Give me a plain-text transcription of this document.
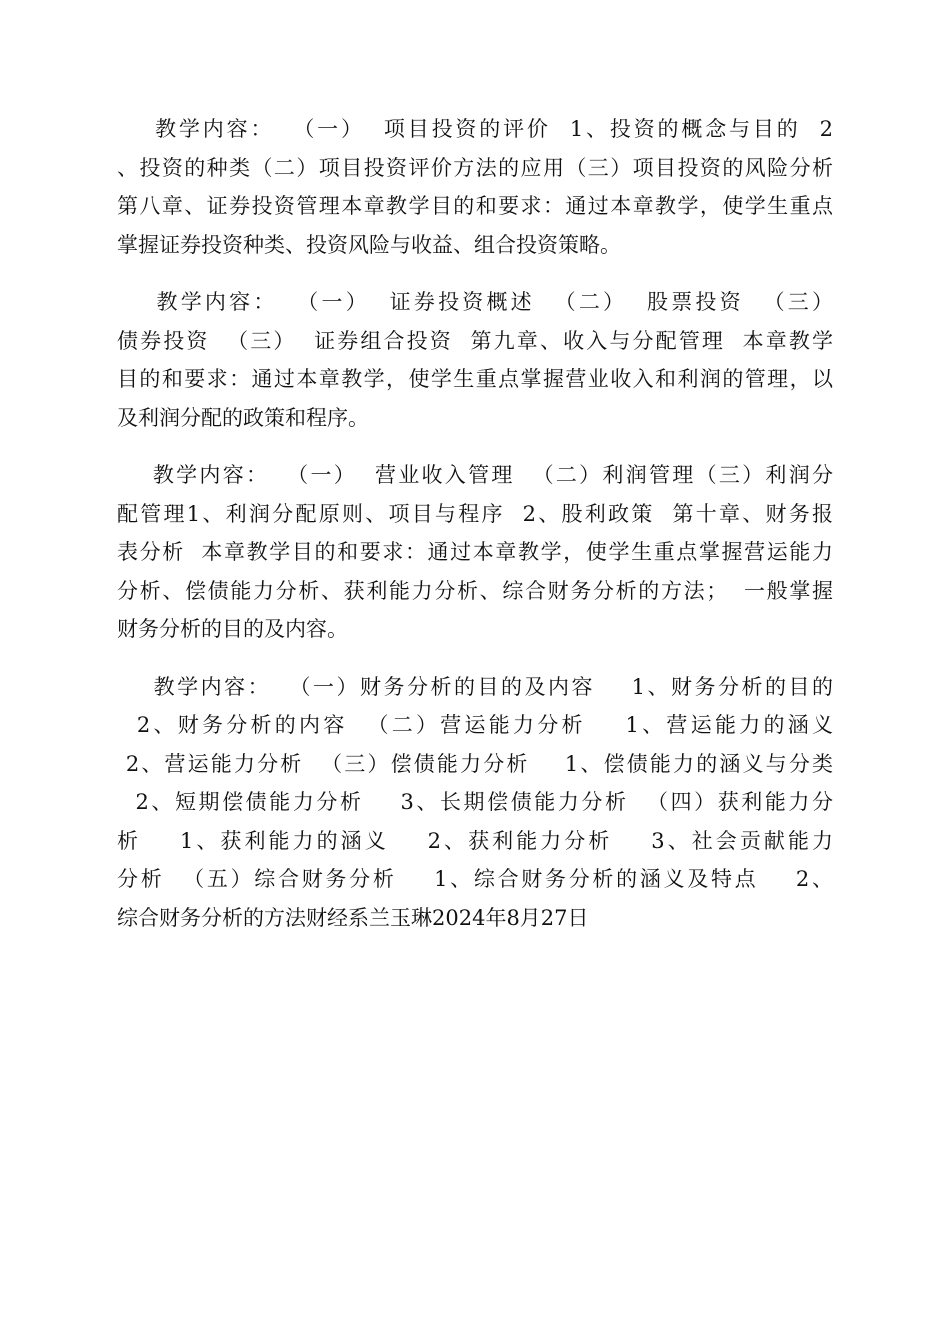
教学内容：  （一）  项目投资的评价  1、投资的概念与目的  2
、投资的种类（二）项目投资评价方法的应用（三）项目投资的风险分析
第八章、证券投资管理本章教学目的和要求：通过本章教学，使学生重点
掌握证券投资种类、投资风险与收益、组合投资策略。
教学内容：  （一）  证券投资概述  （二）  股票投资  （三）
债券投资  （三）  证券组合投资  第九章、收入与分配管理  本章教学
目的和要求：通过本章教学，使学生重点掌握营业收入和利润的管理，以
及利润分配的政策和程序。
教学内容：  （一）  营业收入管理  （二）利润管理（三）利润分
配管理1、利润分配原则、项目与程序  2、股利政策  第十章、财务报
表分析  本章教学目的和要求：通过本章教学，使学生重点掌握营运能力
分析、偿债能力分析、获利能力分析、综合财务分析的方法；  一般掌握
财务分析的目的及内容。
教学内容：  （一）财务分析的目的及内容    1、财务分析的目的
2、财务分析的内容  （二）营运能力分析    1、营运能力的涵义
2、营运能力分析  （三）偿债能力分析    1、偿债能力的涵义与分类
2、短期偿债能力分析    3、长期偿债能力分析  （四）获利能力分
析    1、获利能力的涵义    2、获利能力分析    3、社会贡献能力
分析  （五）综合财务分析    1、综合财务分析的涵义及特点    2、
综合财务分析的方法财经系兰玉琳2024年8月27日
